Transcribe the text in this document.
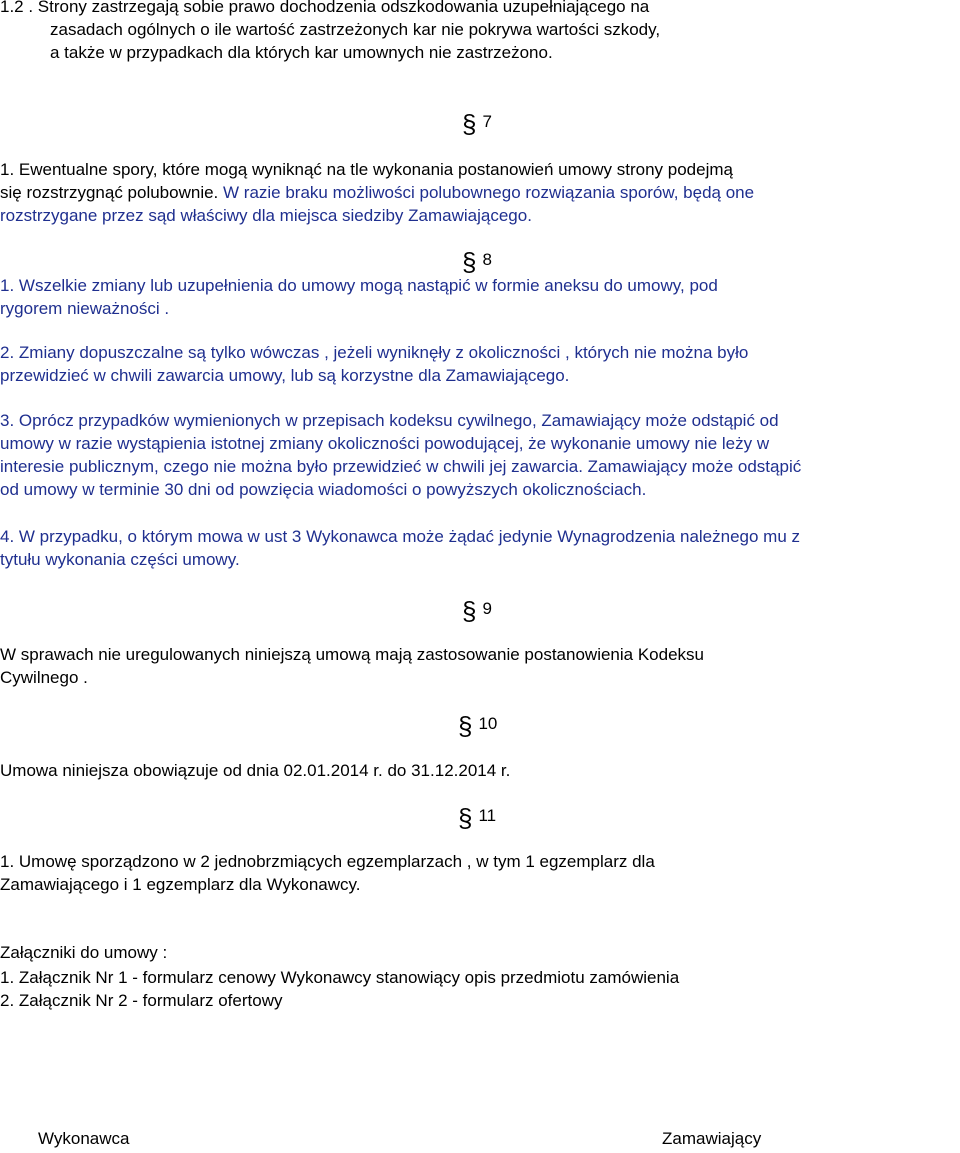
1.2 . Strony zastrzegają sobie prawo dochodzenia odszkodowania uzupełniającego na
zasadach ogólnych o ile wartość zastrzeżonych kar nie pokrywa wartości szkody,
a także w przypadkach dla których kar umownych nie zastrzeżono.
§ 7
1. Ewentualne spory, które mogą wyniknąć na tle wykonania postanowień umowy strony podejmą
się rozstrzygnąć polubownie. W razie braku możliwości polubownego rozwiązania sporów, będą one
rozstrzygane przez sąd właściwy dla miejsca siedziby Zamawiającego.
§ 8
1. Wszelkie zmiany lub uzupełnienia do umowy mogą nastąpić w formie aneksu do umowy, pod
rygorem nieważności .
2. Zmiany dopuszczalne są tylko wówczas , jeżeli wyniknęły z okoliczności , których nie można było
przewidzieć w chwili zawarcia umowy, lub są korzystne dla Zamawiającego.
3. Oprócz przypadków wymienionych w przepisach kodeksu cywilnego, Zamawiający może odstąpić od
umowy w razie wystąpienia istotnej zmiany okoliczności powodującej, że wykonanie umowy nie leży w
interesie publicznym, czego nie można było przewidzieć w chwili jej zawarcia. Zamawiający może odstąpić
od umowy w terminie 30 dni od powzięcia wiadomości o powyższych okolicznościach.
4. W przypadku, o którym mowa w ust 3 Wykonawca może żądać jedynie Wynagrodzenia należnego mu z
tytułu wykonania części umowy.
§ 9
W sprawach nie uregulowanych niniejszą umową mają zastosowanie postanowienia Kodeksu
Cywilnego .
§ 10
Umowa niniejsza obowiązuje od dnia 02.01.2014 r. do 31.12.2014 r.
§ 11
1. Umowę sporządzono w 2 jednobrzmiących egzemplarzach , w tym 1 egzemplarz dla
Zamawiającego i 1 egzemplarz dla Wykonawcy.
Załączniki do umowy :
1. Załącznik Nr 1 - formularz cenowy Wykonawcy stanowiący opis przedmiotu zamówienia
2. Załącznik Nr 2 - formularz ofertowy
Wykonawca	Zamawiający
